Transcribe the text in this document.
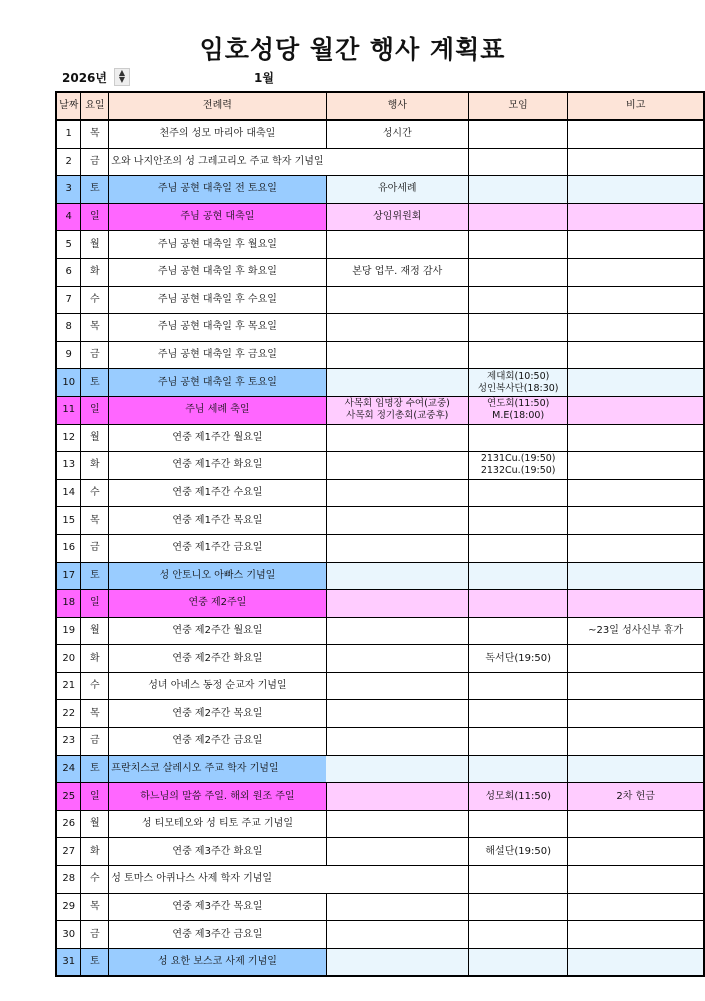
임호성당 월간 행사 계획표
2026년	▲
▼	1월
날짜	요일	전례력	행사	모임	비고
1	목	천주의 성모 마리아 대축일	성시간		
2	금	오와 나지안조의 성 그레고리오 주교 학자 기념일			
3	토	주님 공현 대축일 전 토요일	유아세례		
4	일	주님 공현 대축일	상임위원회		
5	월	주님 공현 대축일 후 월요일			
6	화	주님 공현 대축일 후 화요일	본당 업무. 재정 감사		
7	수	주님 공현 대축일 후 수요일			
8	목	주님 공현 대축일 후 목요일			
9	금	주님 공현 대축일 후 금요일			
10	토	주님 공현 대축일 후 토요일		제대회(10:50)
성인복사단(18:30)	
11	일	주님 세례 축일	사목회 임명장 수여(교중)
사목회 정기총회(교중후)	연도회(11:50)
M.E(18:00)	
12	월	연중 제1주간 월요일			
13	화	연중 제1주간 화요일		2131Cu.(19:50)
2132Cu.(19:50)	
14	수	연중 제1주간 수요일			
15	목	연중 제1주간 목요일			
16	금	연중 제1주간 금요일			
17	토	성 안토니오 아빠스 기념일			
18	일	연중 제2주일			
19	월	연중 제2주간 월요일			~23일 성사신부 휴가
20	화	연중 제2주간 화요일		독서단(19:50)	
21	수	성녀 아녜스 동정 순교자 기념일			
22	목	연중 제2주간 목요일			
23	금	연중 제2주간 금요일			
24	토	프란치스코 살레시오 주교 학자 기념일			
25	일	하느님의 말씀 주일. 해외 원조 주일		성모회(11:50)	2차 헌금
26	월	성 티모테오와 성 티토 주교 기념일			
27	화	연중 제3주간 화요일		해설단(19:50)	
28	수	성 토마스 아퀴나스 사제 학자 기념일			
29	목	연중 제3주간 목요일			
30	금	연중 제3주간 금요일			
31	토	성 요한 보스코 사제 기념일			
